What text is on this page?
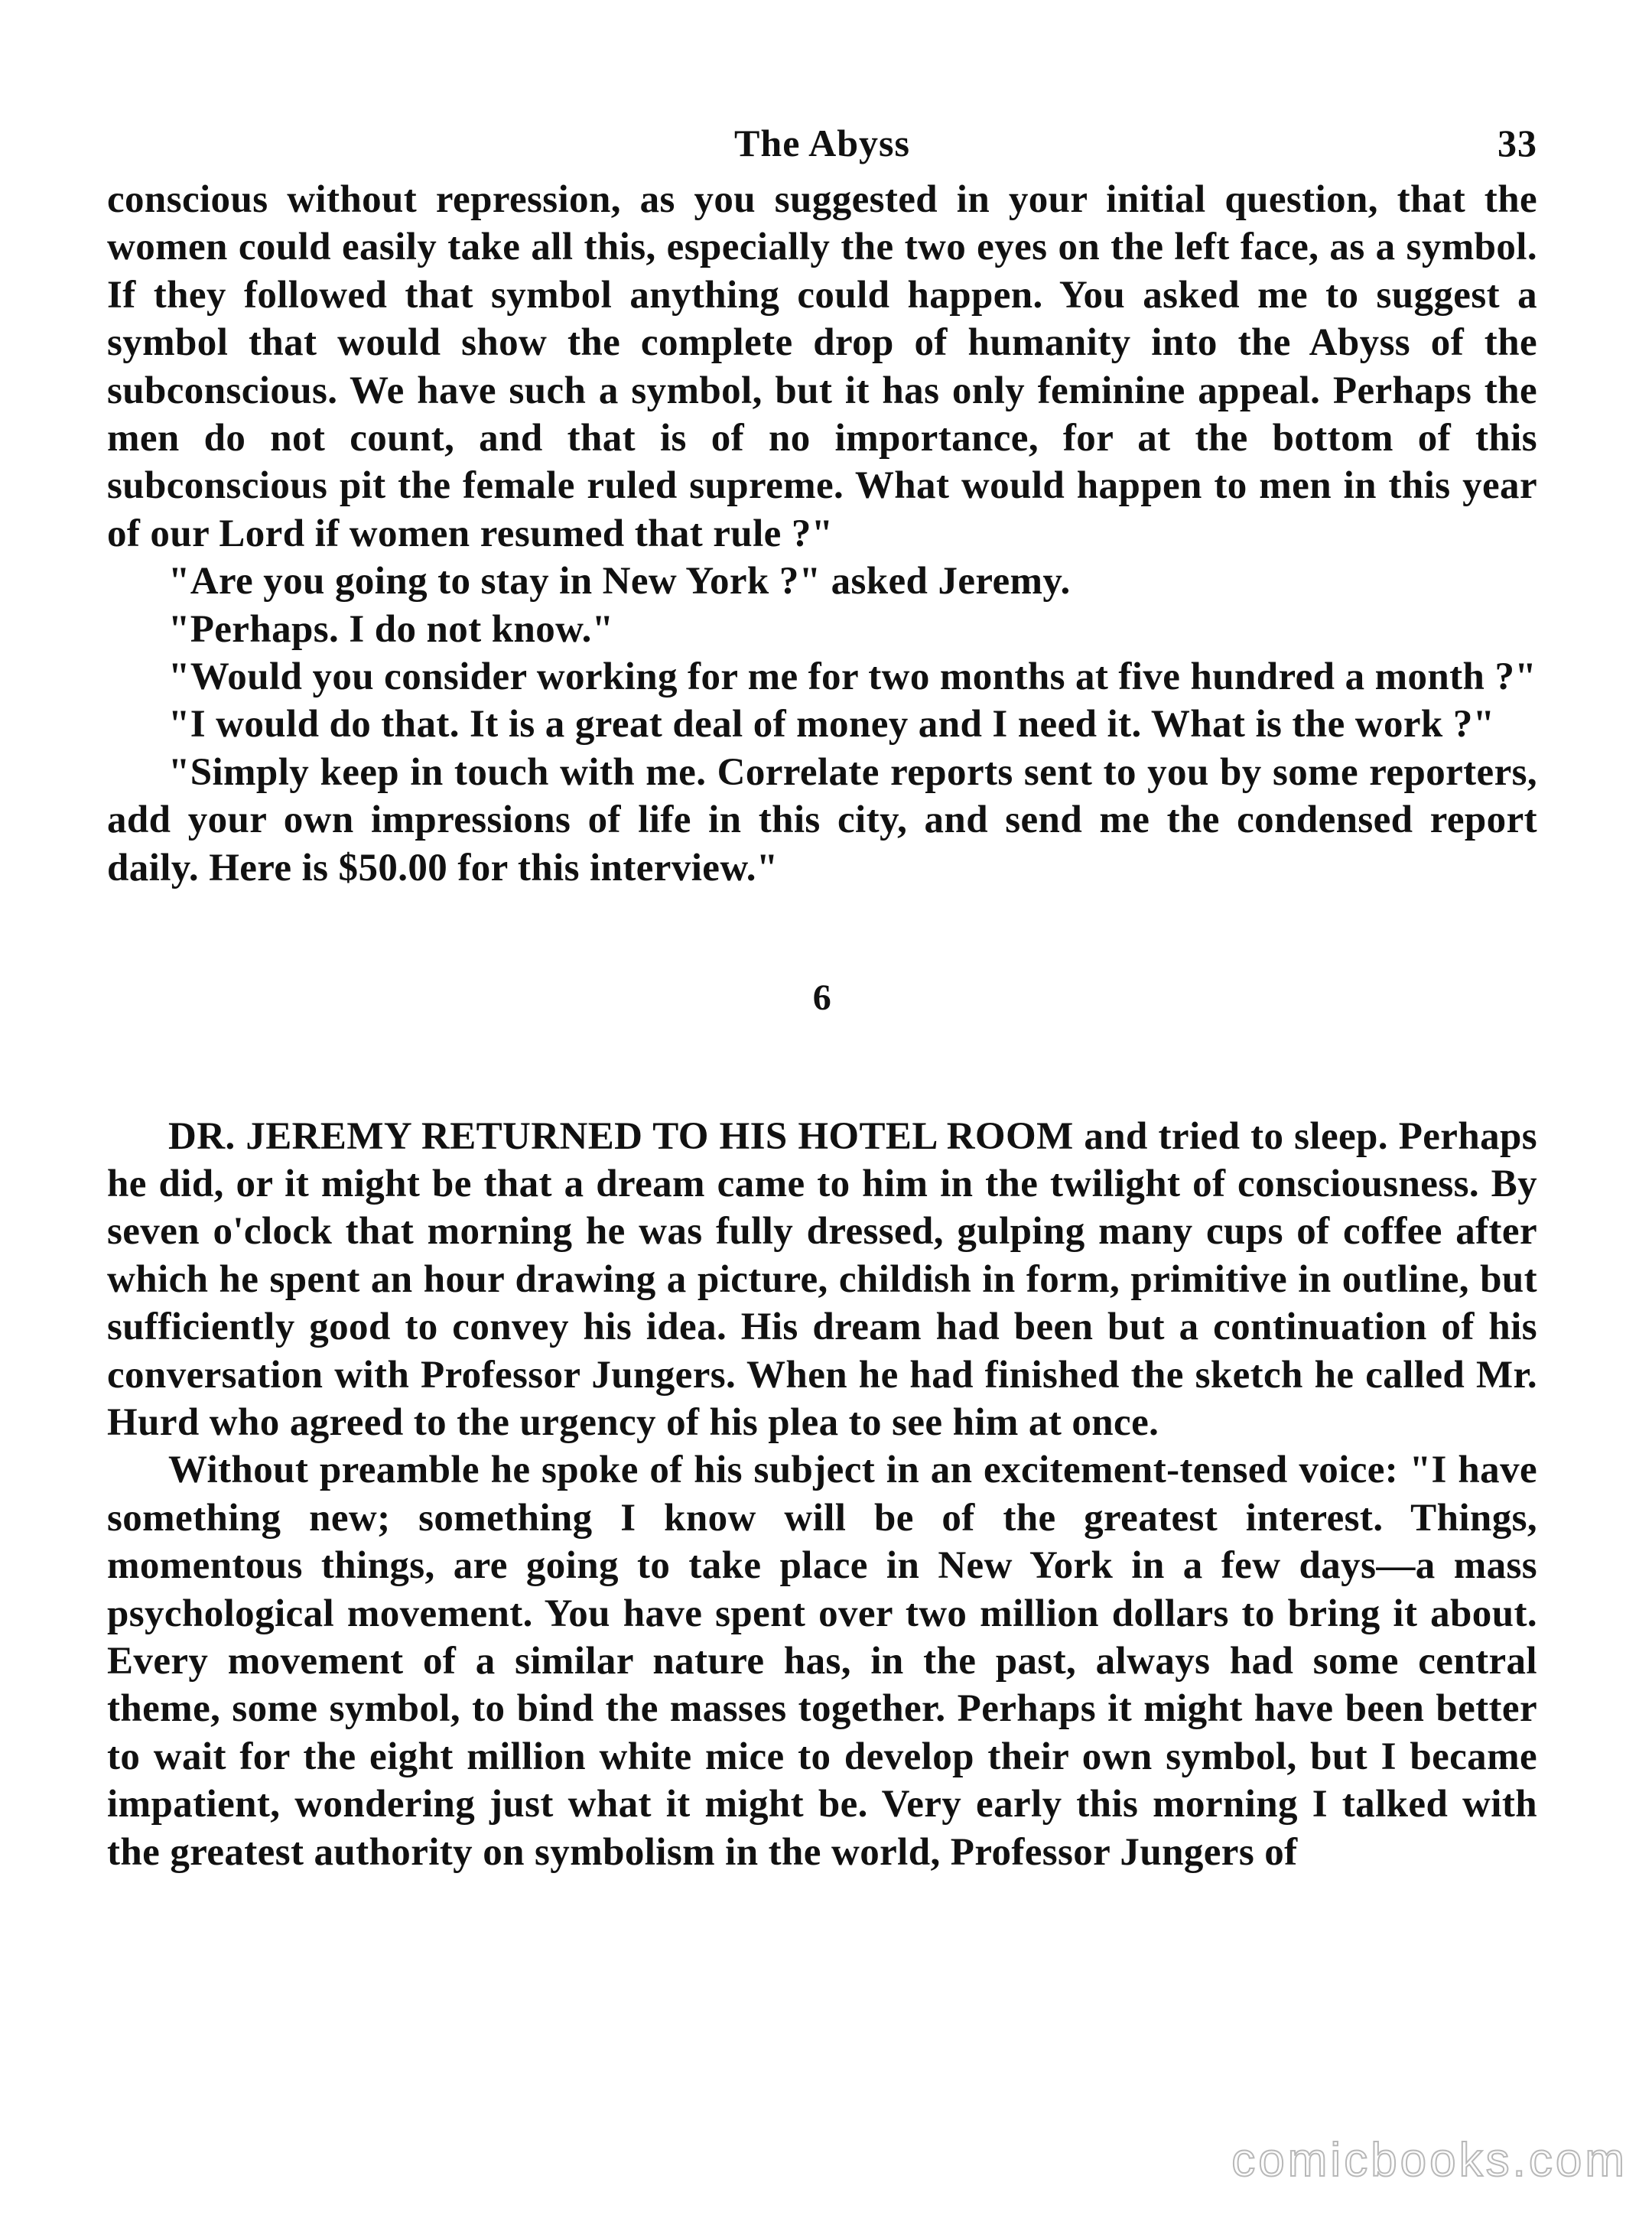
The Abyss	33

conscious without repression, as you suggested in your initial question, that the women could easily take all this, especially the two eyes on the left face, as a symbol. If they followed that symbol anything could happen. You asked me to suggest a symbol that would show the complete drop of humanity into the Abyss of the subconscious. We have such a symbol, but it has only feminine appeal. Perhaps the men do not count, and that is of no importance, for at the bottom of this subconscious pit the female ruled supreme. What would happen to men in this year of our Lord if women resumed that rule ?"

"Are you going to stay in New York ?" asked Jeremy.

"Perhaps. I do not know."

"Would you consider working for me for two months at five hundred a month ?"

"I would do that. It is a great deal of money and I need it. What is the work ?"

"Simply keep in touch with me. Correlate reports sent to you by some reporters, add your own impressions of life in this city, and send me the condensed report daily. Here is $50.00 for this interview."

6

DR. JEREMY RETURNED TO HIS HOTEL ROOM and tried to sleep. Perhaps he did, or it might be that a dream came to him in the twilight of consciousness. By seven o'clock that morning he was fully dressed, gulping many cups of coffee after which he spent an hour drawing a picture, childish in form, primitive in outline, but sufficiently good to convey his idea. His dream had been but a continuation of his conversation with Professor Jungers. When he had finished the sketch he called Mr. Hurd who agreed to the urgency of his plea to see him at once.

Without preamble he spoke of his subject in an excitement-tensed voice: "I have something new; something I know will be of the greatest interest. Things, momentous things, are going to take place in New York in a few days—a mass psychological movement. You have spent over two million dollars to bring it about. Every movement of a similar nature has, in the past, always had some central theme, some symbol, to bind the masses together. Perhaps it might have been better to wait for the eight million white mice to develop their own symbol, but I became impatient, wondering just what it might be. Very early this morning I talked with the greatest authority on symbolism in the world, Professor Jungers of

comicbooks.com
